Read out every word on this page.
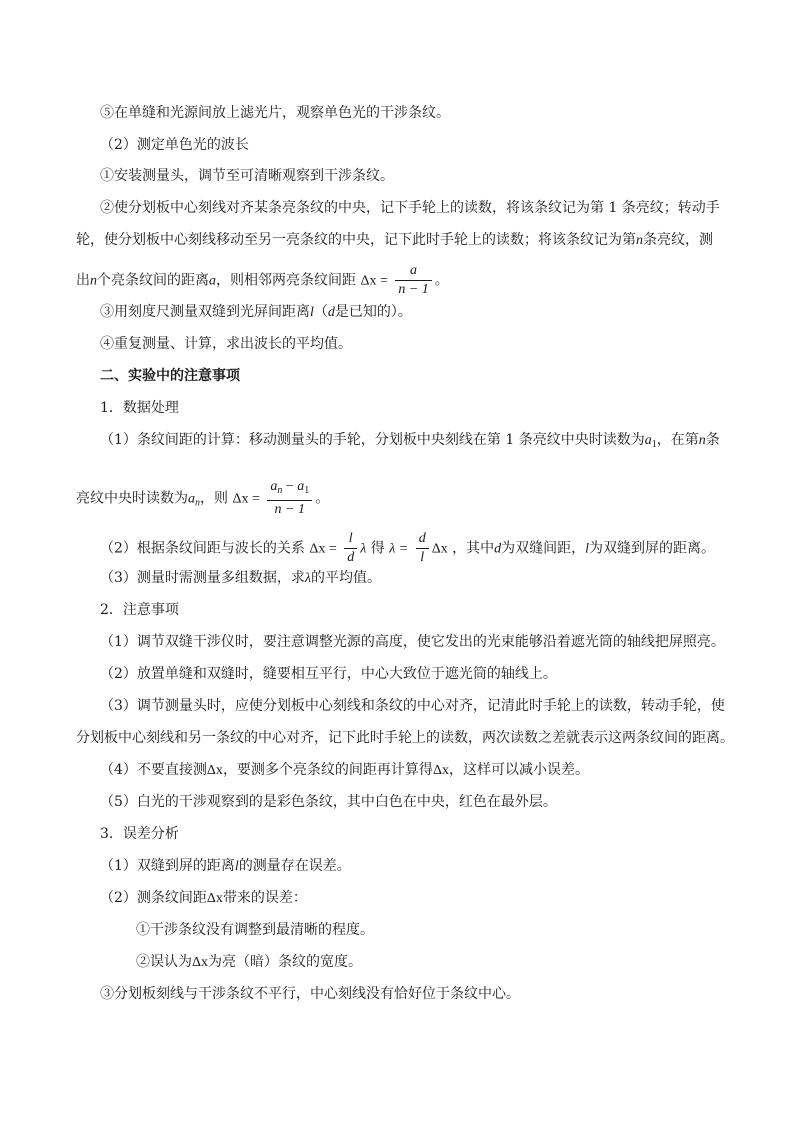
⑤在单缝和光源间放上滤光片，观察单色光的干涉条纹。
（2）测定单色光的波长
①安装测量头，调节至可清晰观察到干涉条纹。
②使分划板中心刻线对齐某条亮条纹的中央，记下手轮上的读数，将该条纹记为第 1 条亮纹；转动手
轮，使分划板中心刻线移动至另一亮条纹的中央，记下此时手轮上的读数；将该条纹记为第n条亮纹，测
出n个亮条纹间的距离a，则相邻两亮条纹间距 $\Delta x = \frac{a}{n - 1}$ 。
③用刻度尺测量双缝到光屏间距离l（d是已知的）。
④重复测量、计算，求出波长的平均值。
二、实验中的注意事项
1．数据处理
（1）条纹间距的计算：移动测量头的手轮，分划板中央刻线在第 1 条亮纹中央时读数为$a_1$，在第n条
亮纹中央时读数为$a_n$，则 $\Delta x = \frac{a_n - a_1}{n - 1}$ 。
（2）根据条纹间距与波长的关系 $\Delta x = \frac{l}{d}$ λ 得 $\lambda = \frac{d}{l}$ Δx ，其中d为双缝间距，l为双缝到屏的距离。
（3）测量时需测量多组数据，求λ的平均值。
2．注意事项
（1）调节双缝干涉仪时，要注意调整光源的高度，使它发出的光束能够沿着遮光筒的轴线把屏照亮。
（2）放置单缝和双缝时，缝要相互平行，中心大致位于遮光筒的轴线上。
（3）调节测量头时，应使分划板中心刻线和条纹的中心对齐，记清此时手轮上的读数，转动手轮，使
分划板中心刻线和另一条纹的中心对齐，记下此时手轮上的读数，两次读数之差就表示这两条纹间的距离。
（4）不要直接测Δx，要测多个亮条纹的间距再计算得Δx，这样可以减小误差。
（5）白光的干涉观察到的是彩色条纹，其中白色在中央，红色在最外层。
3．误差分析
（1）双缝到屏的距离l的测量存在误差。
（2）测条纹间距Δx带来的误差：
①干涉条纹没有调整到最清晰的程度。
②误认为Δx为亮（暗）条纹的宽度。
③分划板刻线与干涉条纹不平行，中心刻线没有恰好位于条纹中心。
